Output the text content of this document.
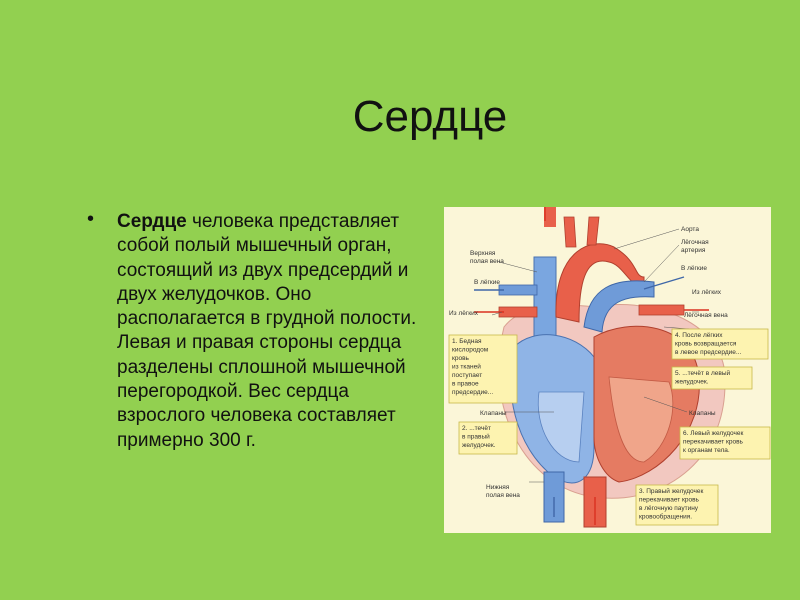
Сердце
• Сердце человека представляет собой полый мышечный орган, состоящий из двух предсердий и двух желудочков. Оно располагается в грудной полости. Левая и правая стороны сердца разделены сплошной мышечной перегородкой. Вес сердца взрослого человека составляет примерно 300 г.
Аорта
Лёгочная
артерия
В лёгкие
Из лёгких
Лёгочная вена
Верхняя
полая вена
В лёгкие
Из лёгких
Клапаны	Клапаны
Нижняя
полая вена
1. Бедная
кислородом
кровь
из тканей
поступает
в правое
предсердие...
2. ...течёт
в правый
желудочек.
3. Правый желудочек
перекачивает кровь
в лёгочную паутину
кровообращения.
4. После лёгких
кровь возвращается
в левое предсердие...
5. ...течёт в левый
желудочек.
6. Левый желудочек
перекачивает кровь
к органам тела.
